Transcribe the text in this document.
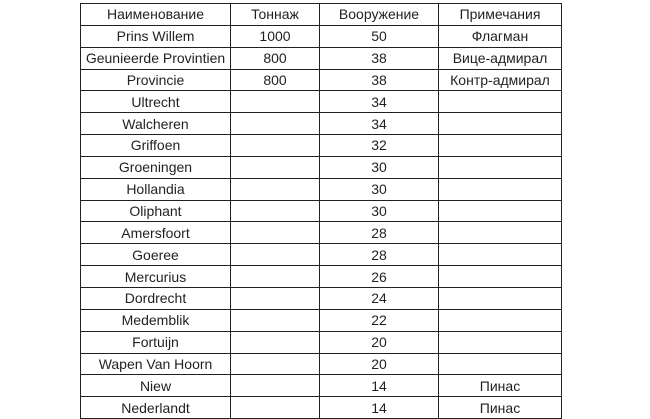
Наименование	Тоннаж	Вооружение	Примечания
Prins Willem	1000	50	Флагман
Geunieerde Provintien	800	38	Вице-адмирал
Provincie	800	38	Контр-адмирал
Ultrecht		34	
Walcheren		34	
Griffoen		32	
Groeningen		30	
Hollandia		30	
Oliphant		30	
Amersfoort		28	
Goeree		28	
Mercurius		26	
Dordrecht		24	
Medemblik		22	
Fortuijn		20	
Wapen Van Hoorn		20	
Niew		14	Пинас
Nederlandt		14	Пинас
